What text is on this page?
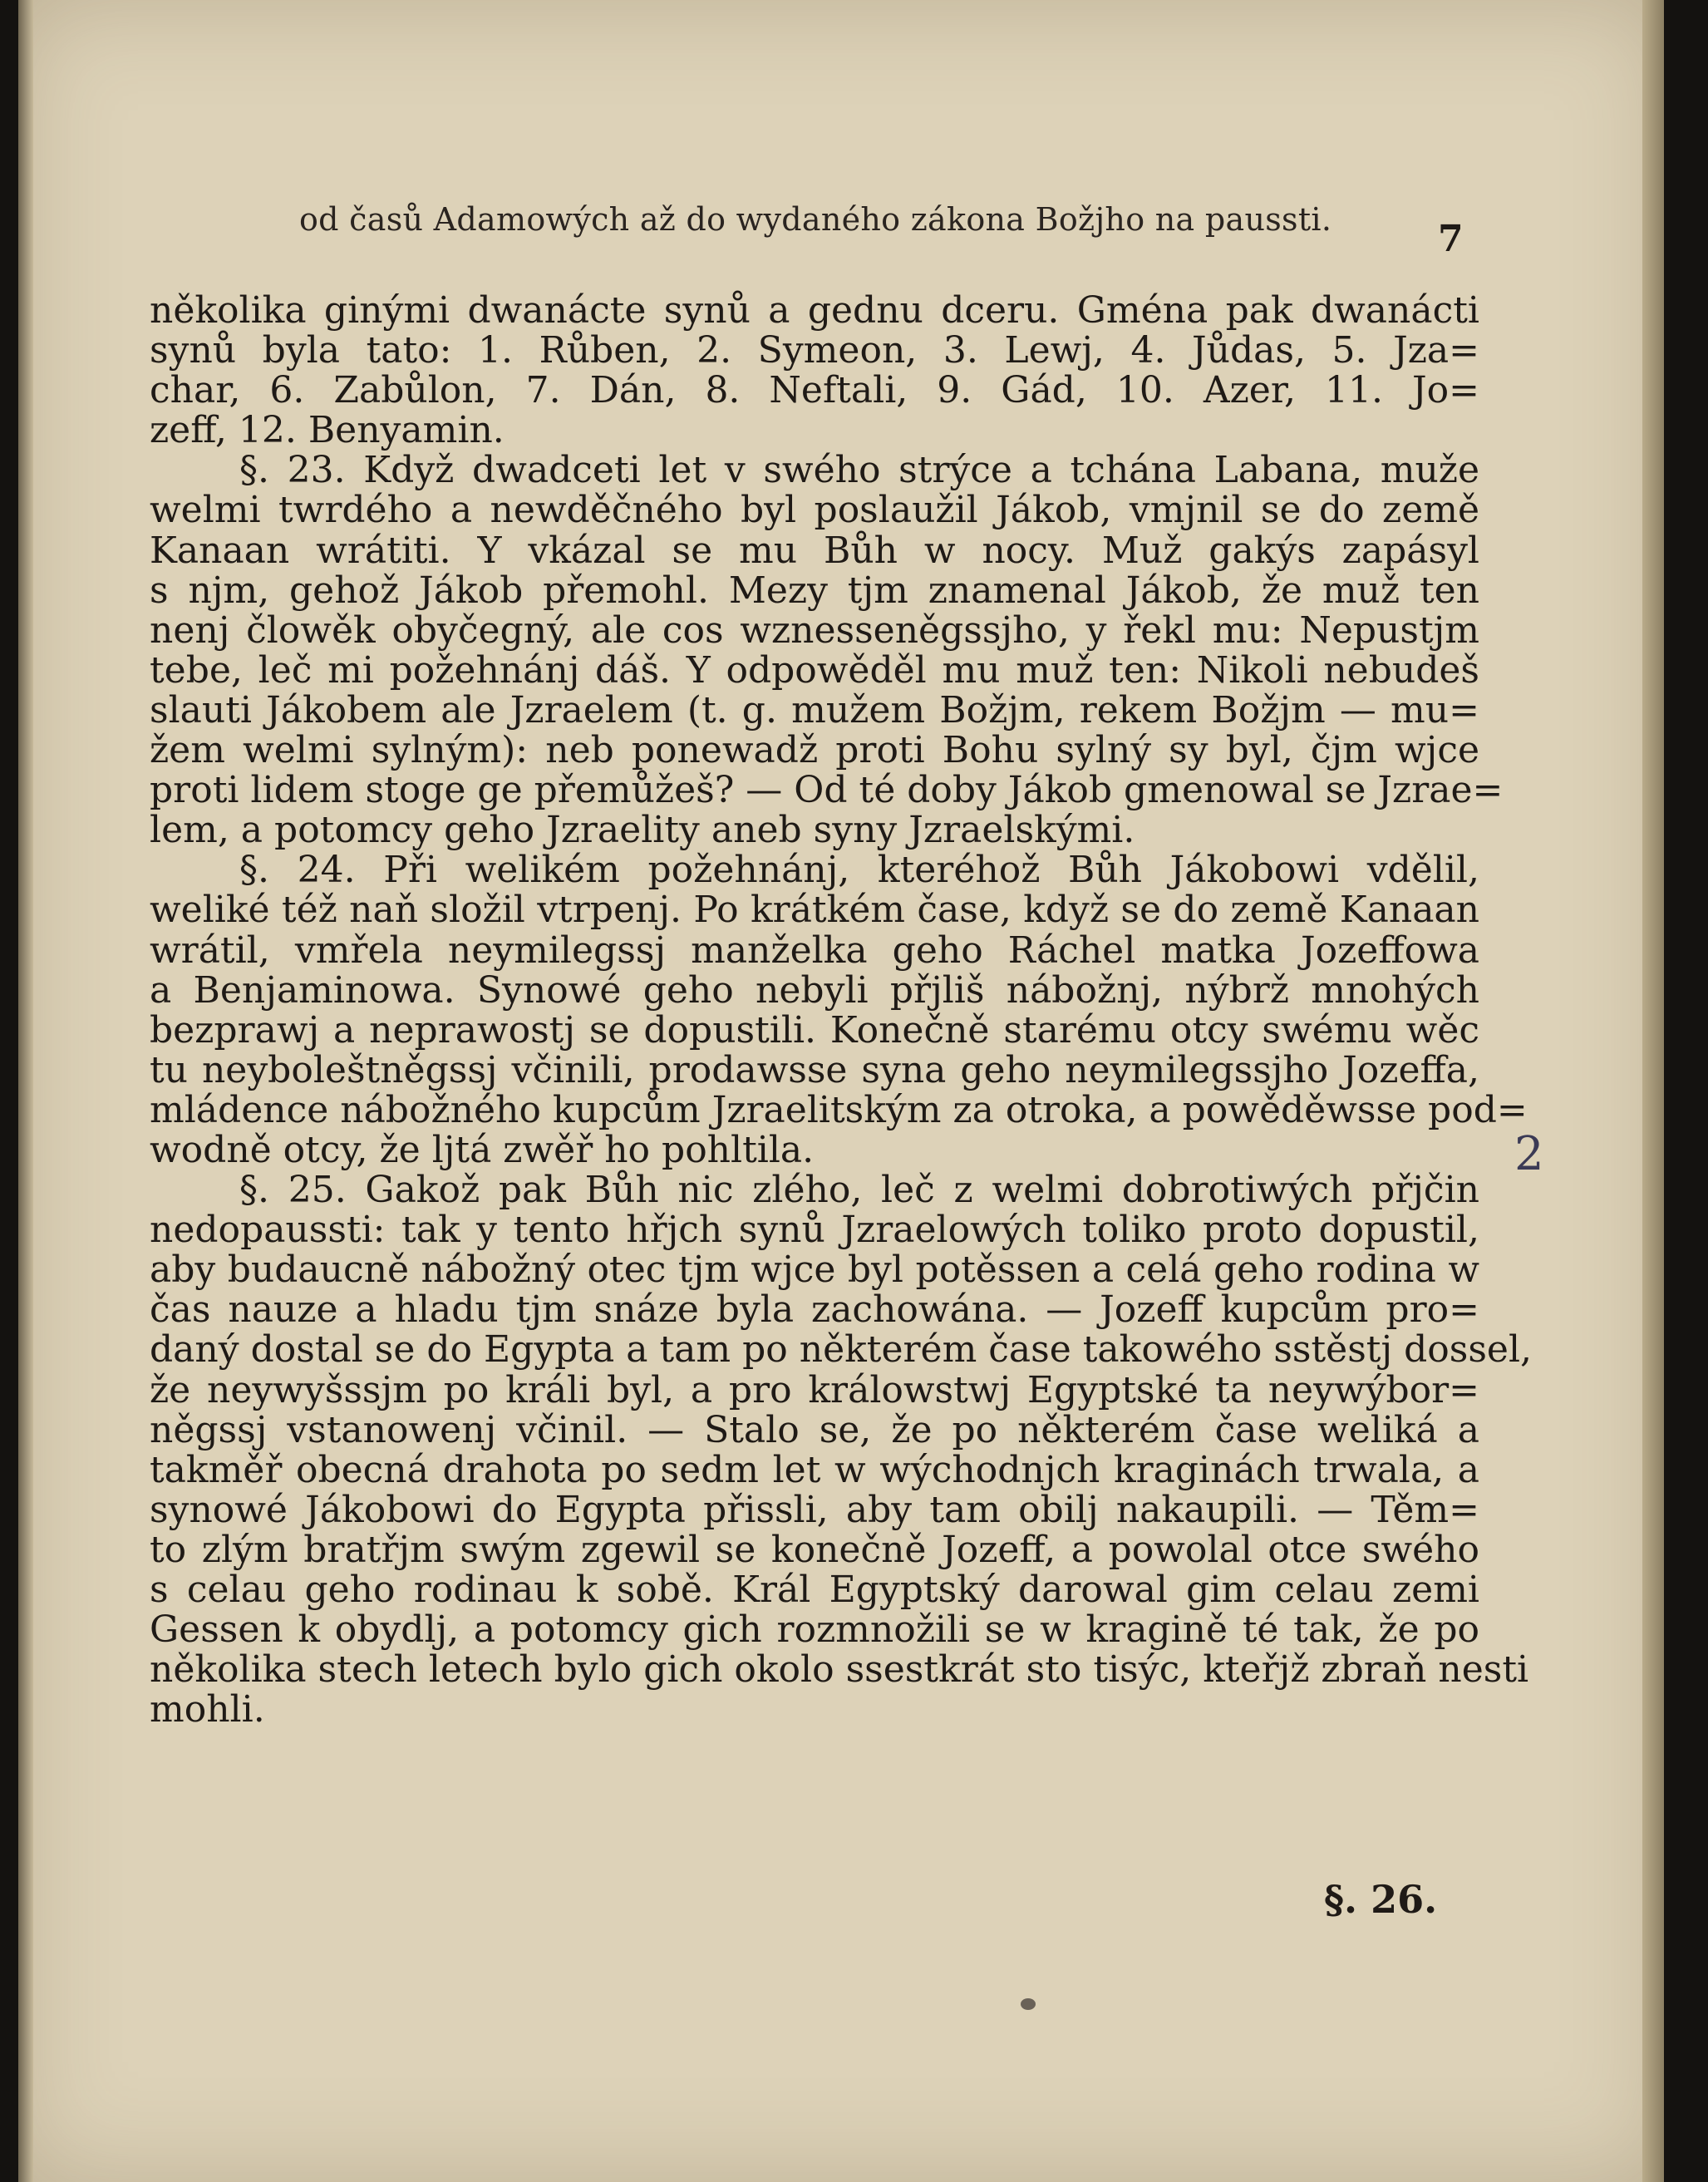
od časů Adamowých až do wydaného zákona Božjho na paussti.	7
několika ginými dwanácte synů a gednu dceru. Gména pak dwanácti
synů byla tato: 1. Růben, 2. Symeon, 3. Lewj, 4. Jůdas, 5. Jza=
char, 6. Zabůlon, 7. Dán, 8. Neftali, 9. Gád, 10. Azer, 11. Jo=
zeff, 12. Benyamin.
§. 23. Když dwadceti let v swého strýce a tchána Labana, muže
welmi twrdého a newděčného byl poslaužil Jákob, vmjnil se do země
Kanaan wrátiti. Y vkázal se mu Bůh w nocy. Muž gakýs zapásyl
s njm, gehož Jákob přemohl. Mezy tjm znamenal Jákob, že muž ten
nenj člowěk obyčegný, ale cos wznesseněgssjho, y řekl mu: Nepustjm
tebe, leč mi požehnánj dáš. Y odpowěděl mu muž ten: Nikoli nebudeš
slauti Jákobem ale Jzraelem (t. g. mužem Božjm, rekem Božjm — mu=
žem welmi sylným): neb ponewadž proti Bohu sylný sy byl, čjm wjce
proti lidem stoge ge přemůžeš? — Od té doby Jákob gmenowal se Jzrae=
lem, a potomcy geho Jzraelity aneb syny Jzraelskými.
§. 24. Při welikém požehnánj, kteréhož Bůh Jákobowi vdělil,
weliké též naň složil vtrpenj. Po krátkém čase, když se do země Kanaan
wrátil, vmřela neymilegssj manželka geho Ráchel matka Jozeffowa
a Benjaminowa. Synowé geho nebyli přjliš nábožnj, nýbrž mnohých
bezprawj a neprawostj se dopustili. Konečně starému otcy swému wěc
tu neyboleštněgssj včinili, prodawsse syna geho neymilegssjho Jozeffa,
mládence nábožného kupcům Jzraelitským za otroka, a powěděwsse pod=
wodně otcy, že ljtá zwěř ho pohltila.
§. 25. Gakož pak Bůh nic zlého, leč z welmi dobrotiwých přjčin
nedopaussti: tak y tento hřjch synů Jzraelowých toliko proto dopustil,
aby budaucně nábožný otec tjm wjce byl potěssen a celá geho rodina w
čas nauze a hladu tjm snáze byla zachowána. — Jozeff kupcům pro=
daný dostal se do Egypta a tam po některém čase takowého sstěstj dossel,
že neywyšssjm po králi byl, a pro králowstwj Egyptské ta neywýbor=
něgssj vstanowenj včinil. — Stalo se, že po některém čase weliká a
takměř obecná drahota po sedm let w wýchodnjch kraginách trwala, a
synowé Jákobowi do Egypta přissli, aby tam obilj nakaupili. — Těm=
to zlým bratřjm swým zgewil se konečně Jozeff, a powolal otce swého
s celau geho rodinau k sobě. Král Egyptský darowal gim celau zemi
Gessen k obydlj, a potomcy gich rozmnožili se w kragině té tak, že po
několika stech letech bylo gich okolo ssestkrát sto tisýc, kteřjž zbraň nesti
mohli.
2
§. 26.
